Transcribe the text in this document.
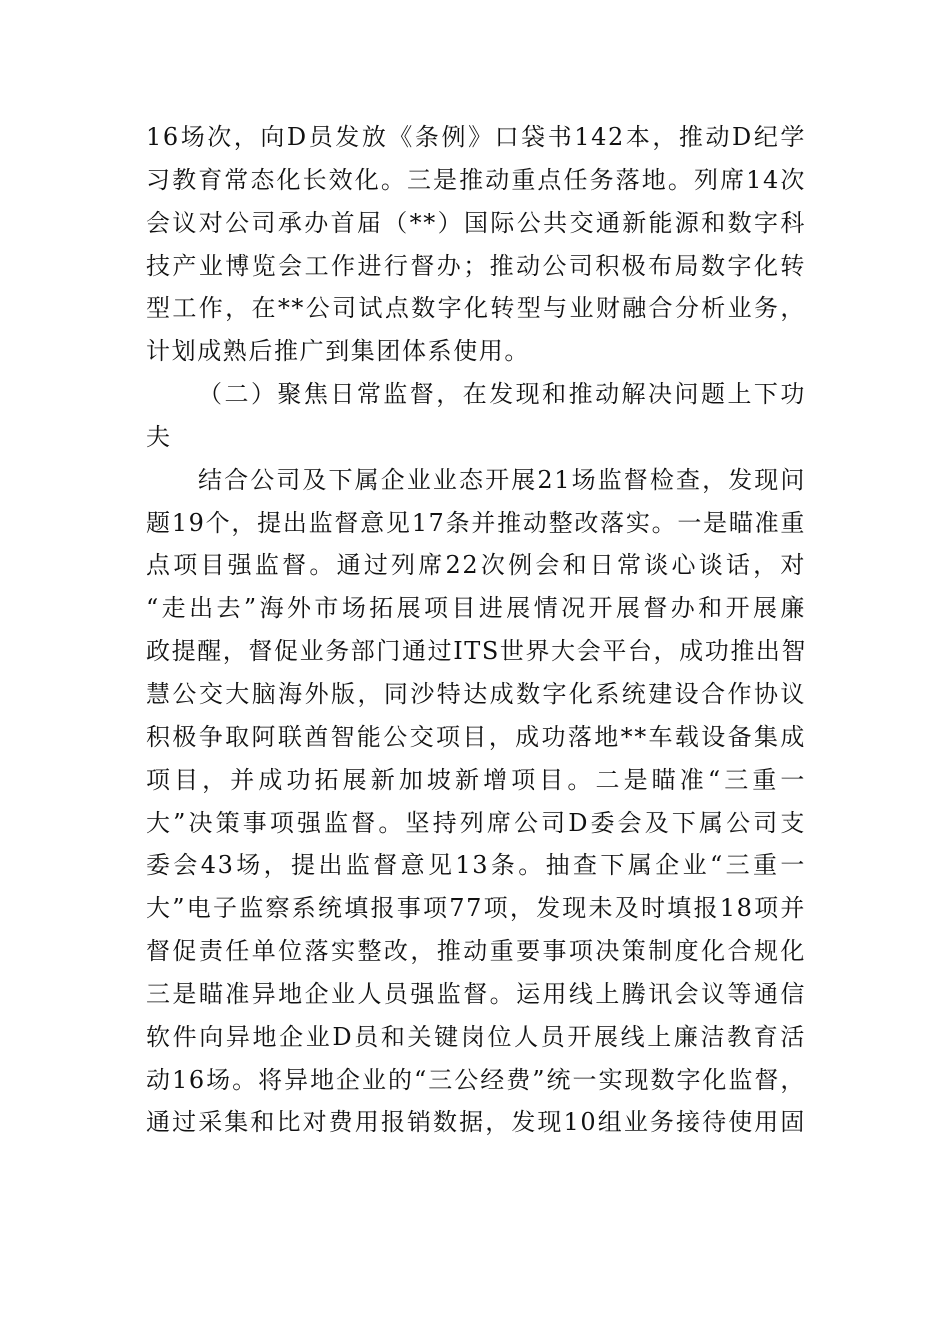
16场次，向D员发放《条例》口袋书142本，推动D纪学
习教育常态化长效化。三是推动重点任务落地。列席14次
会议对公司承办首届（**）国际公共交通新能源和数字科
技产业博览会工作进行督办；推动公司积极布局数字化转
型工作，在**公司试点数字化转型与业财融合分析业务，
计划成熟后推广到集团体系使用。
（二）聚焦日常监督，在发现和推动解决问题上下功
夫
结合公司及下属企业业态开展21场监督检查，发现问
题19个，提出监督意见17条并推动整改落实。一是瞄准重
点项目强监督。通过列席22次例会和日常谈心谈话，对
“走出去”海外市场拓展项目进展情况开展督办和开展廉
政提醒，督促业务部门通过ITS世界大会平台，成功推出智
慧公交大脑海外版，同沙特达成数字化系统建设合作协议
积极争取阿联酋智能公交项目，成功落地**车载设备集成
项目，并成功拓展新加坡新增项目。二是瞄准“三重一
大”决策事项强监督。坚持列席公司D委会及下属公司支
委会43场，提出监督意见13条。抽查下属企业“三重一
大”电子监察系统填报事项77项，发现未及时填报18项并
督促责任单位落实整改，推动重要事项决策制度化合规化
三是瞄准异地企业人员强监督。运用线上腾讯会议等通信
软件向异地企业D员和关键岗位人员开展线上廉洁教育活
动16场。将异地企业的“三公经费”统一实现数字化监督，
通过采集和比对费用报销数据，发现10组业务接待使用固
